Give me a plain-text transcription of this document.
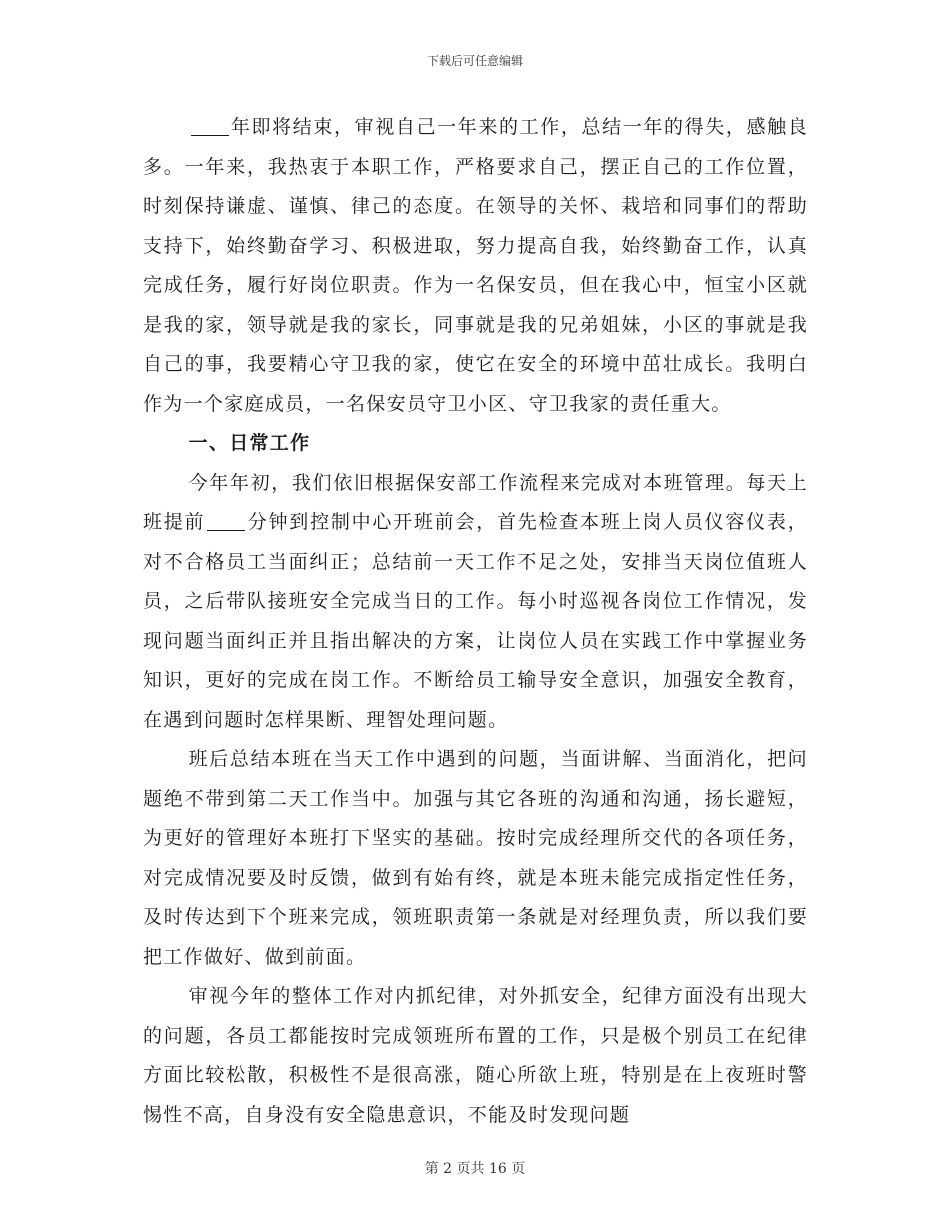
下载后可任意编辑

年即将结束，审视自己一年来的工作，总结一年的得失，感触良多。一年来，我热衷于本职工作，严格要求自己，摆正自己的工作位置，时刻保持谦虚、谨慎、律己的态度。在领导的关怀、栽培和同事们的帮助支持下，始终勤奋学习、积极进取，努力提高自我，始终勤奋工作，认真完成任务，履行好岗位职责。作为一名保安员，但在我心中，恒宝小区就是我的家，领导就是我的家长，同事就是我的兄弟姐妹，小区的事就是我自己的事，我要精心守卫我的家，使它在安全的环境中茁壮成长。我明白作为一个家庭成员，一名保安员守卫小区、守卫我家的责任重大。

一、日常工作

今年年初，我们依旧根据保安部工作流程来完成对本班管理。每天上班提前 分钟到控制中心开班前会，首先检查本班上岗人员仪容仪表，对不合格员工当面纠正；总结前一天工作不足之处，安排当天岗位值班人员，之后带队接班安全完成当日的工作。每小时巡视各岗位工作情况，发现问题当面纠正并且指出解决的方案，让岗位人员在实践工作中掌握业务知识，更好的完成在岗工作。不断给员工输导安全意识，加强安全教育，在遇到问题时怎样果断、理智处理问题。

班后总结本班在当天工作中遇到的问题，当面讲解、当面消化，把问题绝不带到第二天工作当中。加强与其它各班的沟通和沟通，扬长避短，为更好的管理好本班打下坚实的基础。按时完成经理所交代的各项任务，对完成情况要及时反馈，做到有始有终，就是本班未能完成指定性任务，及时传达到下个班来完成，领班职责第一条就是对经理负责，所以我们要把工作做好、做到前面。

审视今年的整体工作对内抓纪律，对外抓安全，纪律方面没有出现大的问题，各员工都能按时完成领班所布置的工作，只是极个别员工在纪律方面比较松散，积极性不是很高涨，随心所欲上班，特别是在上夜班时警惕性不高，自身没有安全隐患意识，不能及时发现问题

第 2 页共 16 页
